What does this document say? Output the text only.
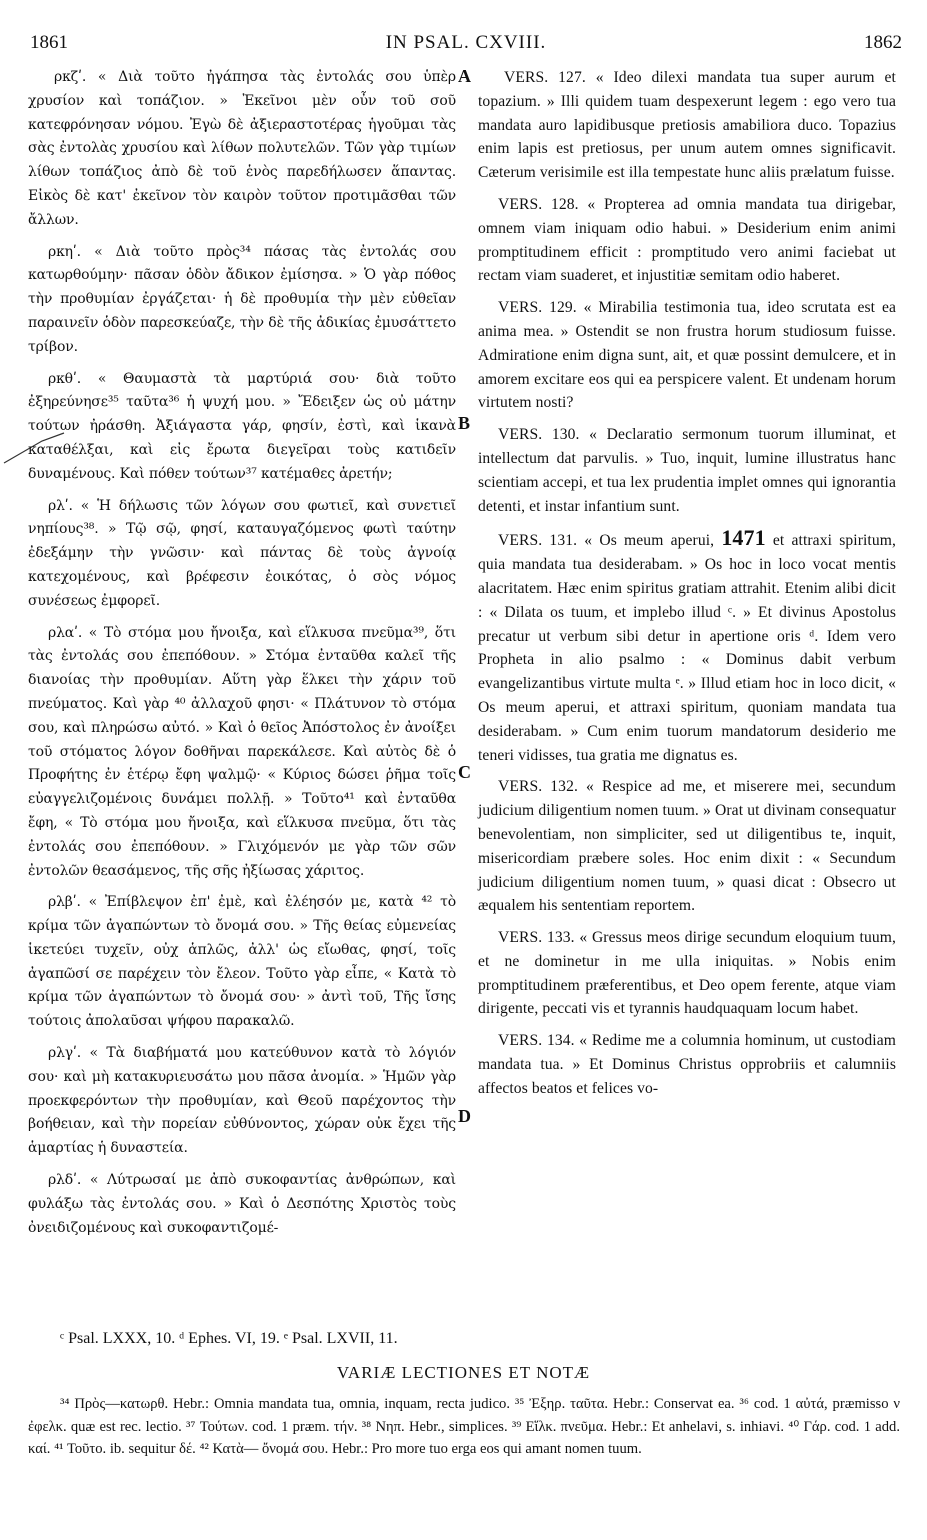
1861	IN PSAL. CXVIII.	1862

ρκζʹ. « Διὰ τοῦτο ἠγάπησα τὰς ἐντολάς σου ὑπὲρ χρυσίον καὶ τοπάζιον. » Ἐκεῖνοι μὲν οὖν τοῦ σοῦ κατεφρόνησαν νόμου. Ἐγὼ δὲ ἀξιεραστοτέρας ἡγοῦμαι τὰς σὰς ἐντολὰς χρυσίου καὶ λίθων πολυτελῶν. Τῶν γὰρ τιμίων λίθων τοπάζιος ἀπὸ δὲ τοῦ ἑνὸς παρεδήλωσεν ἅπαντας. Εἰκὸς δὲ κατ' ἐκεῖνον τὸν καιρὸν τοῦτον προτιμᾶσθαι τῶν ἄλλων.

ρκηʹ. « Διὰ τοῦτο πρὸς³⁴ πάσας τὰς ἐντολάς σου κατωρθούμην· πᾶσαν ὁδὸν ἄδικον ἐμίσησα. » Ὁ γὰρ πόθος τὴν προθυμίαν ἐργάζεται· ἡ δὲ προθυμία τὴν μὲν εὐθεῖαν παραινεῖν ὁδὸν παρεσκεύαζε, τὴν δὲ τῆς ἀδικίας ἐμυσάττετο τρίβον.

ρκθʹ. « Θαυμαστὰ τὰ μαρτύριά σου· διὰ τοῦτο ἐξηρεύνησε³⁵ ταῦτα³⁶ ἡ ψυχή μου. » Ἔδειξεν ὡς οὐ μάτην τούτων ἠράσθη. Ἀξιάγαστα γάρ, φησίν, ἐστὶ, καὶ ἱκανὰ καταθέλξαι, καὶ εἰς ἔρωτα διεγεῖραι τοὺς κατιδεῖν δυναμένους. Καὶ πόθεν τούτων³⁷ κατέμαθες ἀρετήν;

ρλʹ. « Ἡ δήλωσις τῶν λόγων σου φωτιεῖ, καὶ συνετιεῖ νηπίους³⁸. » Τῷ σῷ, φησί, καταυγαζόμενος φωτὶ ταύτην ἐδεξάμην τὴν γνῶσιν· καὶ πάντας δὲ τοὺς ἀγνοίᾳ κατεχομένους, καὶ βρέφεσιν ἐοικότας, ὁ σὸς νόμος συνέσεως ἐμφορεῖ.

ρλαʹ. « Τὸ στόμα μου ἤνοιξα, καὶ εἵλκυσα πνεῦμα³⁹, ὅτι τὰς ἐντολάς σου ἐπεπόθουν. » Στόμα ἐνταῦθα καλεῖ τῆς διανοίας τὴν προθυμίαν. Αὕτη γὰρ ἕλκει τὴν χάριν τοῦ πνεύματος. Καὶ γὰρ ⁴⁰ ἀλλαχοῦ φησι· « Πλάτυνον τὸ στόμα σου, καὶ πληρώσω αὐτό. » Καὶ ὁ θεῖος Ἀπόστολος ἐν ἀνοίξει τοῦ στόματος λόγον δοθῆναι παρεκάλεσε. Καὶ αὐτὸς δὲ ὁ Προφήτης ἐν ἑτέρῳ ἔφη ψαλμῷ· « Κύριος δώσει ῥῆμα τοῖς εὐαγγελιζομένοις δυνάμει πολλῇ. » Τοῦτο⁴¹ καὶ ἐνταῦθα ἔφη, « Τὸ στόμα μου ἤνοιξα, καὶ εἵλκυσα πνεῦμα, ὅτι τὰς ἐντολάς σου ἐπεπόθουν. » Γλιχόμενόν με γὰρ τῶν σῶν ἐντολῶν θεασάμενος, τῆς σῆς ἠξίωσας χάριτος.

ρλβʹ. « Ἐπίβλεψον ἐπ' ἐμὲ, καὶ ἐλέησόν με, κατὰ ⁴² τὸ κρίμα τῶν ἀγαπώντων τὸ ὄνομά σου. » Τῆς θείας εὐμενείας ἱκετεύει τυχεῖν, οὐχ ἁπλῶς, ἀλλ' ὡς εἴωθας, φησί, τοῖς ἀγαπῶσί σε παρέχειν τὸν ἔλεον. Τοῦτο γὰρ εἶπε, « Κατὰ τὸ κρίμα τῶν ἀγαπώντων τὸ ὄνομά σου· » ἀντὶ τοῦ, Τῆς ἴσης τούτοις ἀπολαῦσαι ψήφου παρακαλῶ.

ρλγʹ. « Τὰ διαβήματά μου κατεύθυνον κατὰ τὸ λόγιόν σου· καὶ μὴ κατακυριευσάτω μου πᾶσα ἀνομία. » Ἡμῶν γὰρ προεκφερόντων τὴν προθυμίαν, καὶ Θεοῦ παρέχοντος τὴν βοήθειαν, καὶ τὴν πορείαν εὐθύνοντος, χώραν οὐκ ἔχει τῆς ἁμαρτίας ἡ δυναστεία.

ρλδʹ. « Λύτρωσαί με ἀπὸ συκοφαντίας ἀνθρώπων, καὶ φυλάξω τὰς ἐντολάς σου. » Καὶ ὁ Δεσπότης Χριστὸς τοὺς ὀνειδιζομένους καὶ συκοφαντιζομέ-

A
B
C
D

VERS. 127. « Ideo dilexi mandata tua super aurum et topazium. » Illi quidem tuam despexerunt legem : ego vero tua mandata auro lapidibusque pretiosis amabiliora duco. Topazius enim lapis est pretiosus, per unum autem omnes significavit. Cæterum verisimile est illa tempestate hunc aliis prælatum fuisse.

VERS. 128. « Propterea ad omnia mandata tua dirigebar, omnem viam iniquam odio habui. » Desiderium enim animi promptitudinem efficit : promptitudo vero animi faciebat ut rectam viam suaderet, et injustitiæ semitam odio haberet.

VERS. 129. « Mirabilia testimonia tua, ideo scrutata est ea anima mea. » Ostendit se non frustra horum studiosum fuisse. Admiratione enim digna sunt, ait, et quæ possint demulcere, et in amorem excitare eos qui ea perspicere valent. Et undenam horum virtutem nosti?

VERS. 130. « Declaratio sermonum tuorum illuminat, et intellectum dat parvulis. » Tuo, inquit, lumine illustratus hanc scientiam accepi, et tua lex prudentia implet omnes qui ignorantia detenti, et instar infantium sunt.

VERS. 131. « Os meum aperui, 1471 et attraxi spiritum, quia mandata tua desiderabam. » Os hoc in loco vocat mentis alacritatem. Hæc enim spiritus gratiam attrahit. Etenim alibi dicit : « Dilata os tuum, et implebo illud ᶜ. » Et divinus Apostolus precatur ut verbum sibi detur in apertione oris ᵈ. Idem vero Propheta in alio psalmo : « Dominus dabit verbum evangelizantibus virtute multa ᵉ. » Illud etiam hoc in loco dicit, « Os meum aperui, et attraxi spiritum, quoniam mandata tua desiderabam. » Cum enim tuorum mandatorum desiderio me teneri vidisses, tua gratia me dignatus es.

VERS. 132. « Respice ad me, et miserere mei, secundum judicium diligentium nomen tuum. » Orat ut divinam consequatur benevolentiam, non simpliciter, sed ut diligentibus te, inquit, misericordiam præbere soles. Hoc enim dixit : « Secundum judicium diligentium nomen tuum, » quasi dicat : Obsecro ut æqualem his sententiam reportem.

VERS. 133. « Gressus meos dirige secundum eloquium tuum, et ne dominetur in me ulla iniquitas. » Nobis enim promptitudinem præferentibus, et Deo opem ferente, atque viam dirigente, peccati vis et tyrannis haudquaquam locum habet.

VERS. 134. « Redime me a columnia hominum, ut custodiam mandata tua. » Et Dominus Christus opprobriis et calumniis affectos beatos et felices vo-

ᶜ Psal. LXXX, 10. ᵈ Ephes. VI, 19. ᵉ Psal. LXVII, 11.
VARIÆ LECTIONES ET NOTÆ
³⁴ Πρὸς—κατωρθ. Hebr.: Omnia mandata tua, omnia, inquam, recta judico. ³⁵ Ἐξηρ. ταῦτα. Hebr.: Conservat ea. ³⁶ cod. 1 αὐτά, præmisso ν ἐφελκ. quæ est rec. lectio. ³⁷ Τούτων. cod. 1 præm. τήν. ³⁸ Νηπ. Hebr., simplices. ³⁹ Εἵλκ. πνεῦμα. Hebr.: Et anhelavi, s. inhiavi. ⁴⁰ Γάρ. cod. 1 add. καί. ⁴¹ Τοῦτο. ib. sequitur δέ. ⁴² Κατὰ— ὄνομά σου. Hebr.: Pro more tuo erga eos qui amant nomen tuum.
